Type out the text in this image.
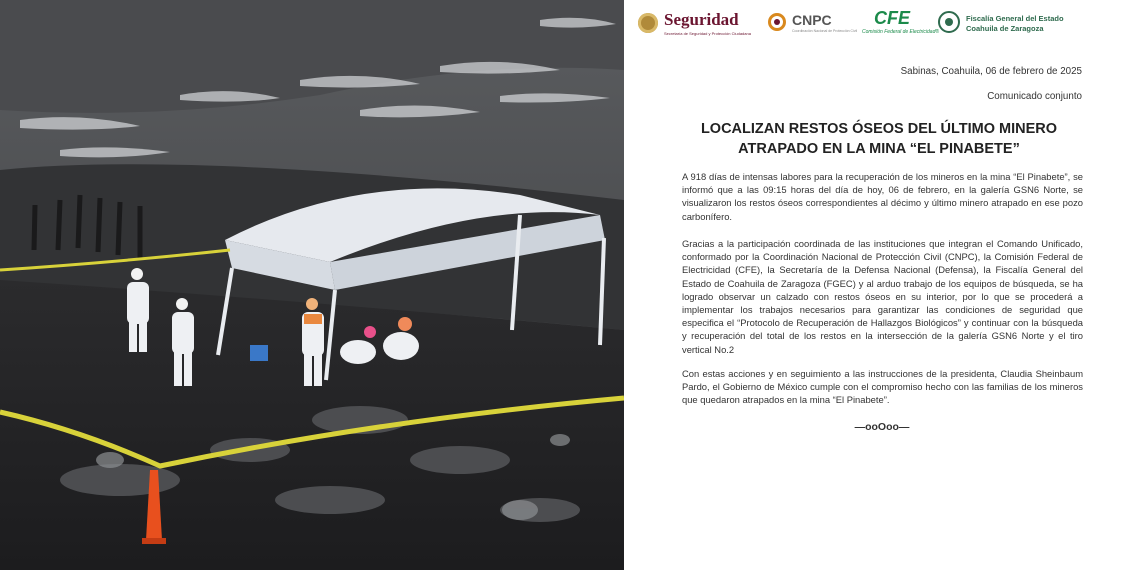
Seguridad
Secretaría de Seguridad y Protección Ciudadana
CNPC
Coordinación Nacional de Protección Civil
CFE
Comisión Federal de Electricidad®
Fiscalía General del Estado
Coahuila de Zaragoza
Sabinas, Coahuila, 06 de febrero de 2025
Comunicado conjunto
LOCALIZAN RESTOS ÓSEOS DEL ÚLTIMO MINERO
ATRAPADO EN LA MINA “EL PINABETE”
A 918 días de intensas labores para la recuperación de los mineros en la mina “El Pinabete”, se informó que a las 09:15 horas del día de hoy, 06 de febrero, en la galería GSN6 Norte, se visualizaron los restos óseos correspondientes al décimo y último minero atrapado en ese pozo carbonífero.
Gracias a la participación coordinada de las instituciones que integran el Comando Unificado, conformado por la Coordinación Nacional de Protección Civil (CNPC), la Comisión Federal de Electricidad (CFE), la Secretaría de la Defensa Nacional (Defensa), la Fiscalía General del Estado de Coahuila de Zaragoza (FGEC) y al arduo trabajo de los equipos de búsqueda, se ha logrado observar un calzado con restos óseos en su interior, por lo que se procederá a implementar los trabajos necesarios para garantizar las condiciones de seguridad que especifica el “Protocolo de Recuperación de Hallazgos Biológicos” y continuar con la búsqueda y recuperación del total de los restos en la intersección de la galería GSN6 Norte y el tiro vertical No.2
Con estas acciones y en seguimiento a las instrucciones de la presidenta, Claudia Sheinbaum Pardo, el Gobierno de México cumple con el compromiso hecho con las familias de los mineros que quedaron atrapados en la mina “El Pinabete”.
—ooOoo—
